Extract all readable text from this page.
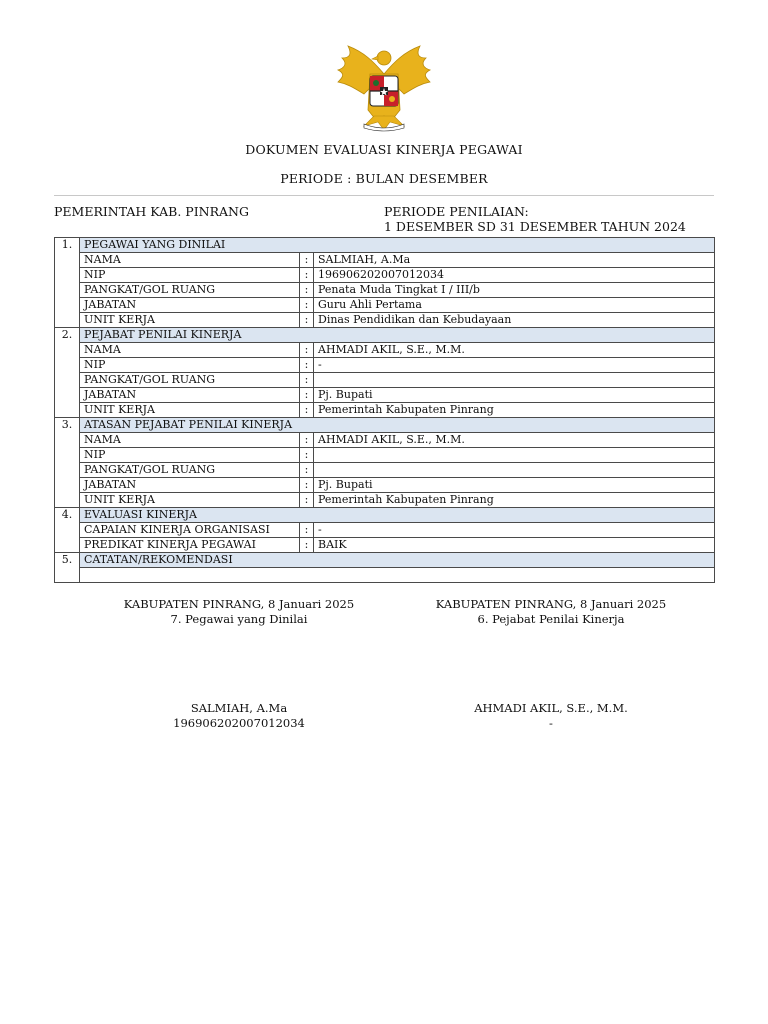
DOKUMEN EVALUASI KINERJA PEGAWAI
PERIODE : BULAN DESEMBER
PEMERINTAH KAB. PINRANG	PERIODE PENILAIAN:
1 DESEMBER SD 31 DESEMBER TAHUN 2024
1.	PEGAWAI YANG DINILAI		
	NAMA	:	SALMIAH, A.Ma
	NIP	:	196906202007012034
	PANGKAT/GOL RUANG	:	Penata Muda Tingkat I / III/b
	JABATAN	:	Guru Ahli Pertama
	UNIT KERJA	:	Dinas Pendidikan dan Kebudayaan
2.	PEJABAT PENILAI KINERJA		
	NAMA	:	AHMADI AKIL, S.E., M.M.
	NIP	:	-
	PANGKAT/GOL RUANG	:	
	JABATAN	:	Pj. Bupati
	UNIT KERJA	:	Pemerintah Kabupaten Pinrang
3.	ATASAN PEJABAT PENILAI KINERJA		
	NAMA	:	AHMADI AKIL, S.E., M.M.
	NIP	:	
	PANGKAT/GOL RUANG	:	
	JABATAN	:	Pj. Bupati
	UNIT KERJA	:	Pemerintah Kabupaten Pinrang
4.	EVALUASI KINERJA		
	CAPAIAN KINERJA ORGANISASI	:	-
	PREDIKAT KINERJA PEGAWAI	:	BAIK
5.	CATATAN/REKOMENDASI		

KABUPATEN PINRANG, 8 Januari 2025
7. Pegawai yang Dinilai
KABUPATEN PINRANG, 8 Januari 2025
6. Pejabat Penilai Kinerja
SALMIAH, A.Ma
196906202007012034
AHMADI AKIL, S.E., M.M.
-
